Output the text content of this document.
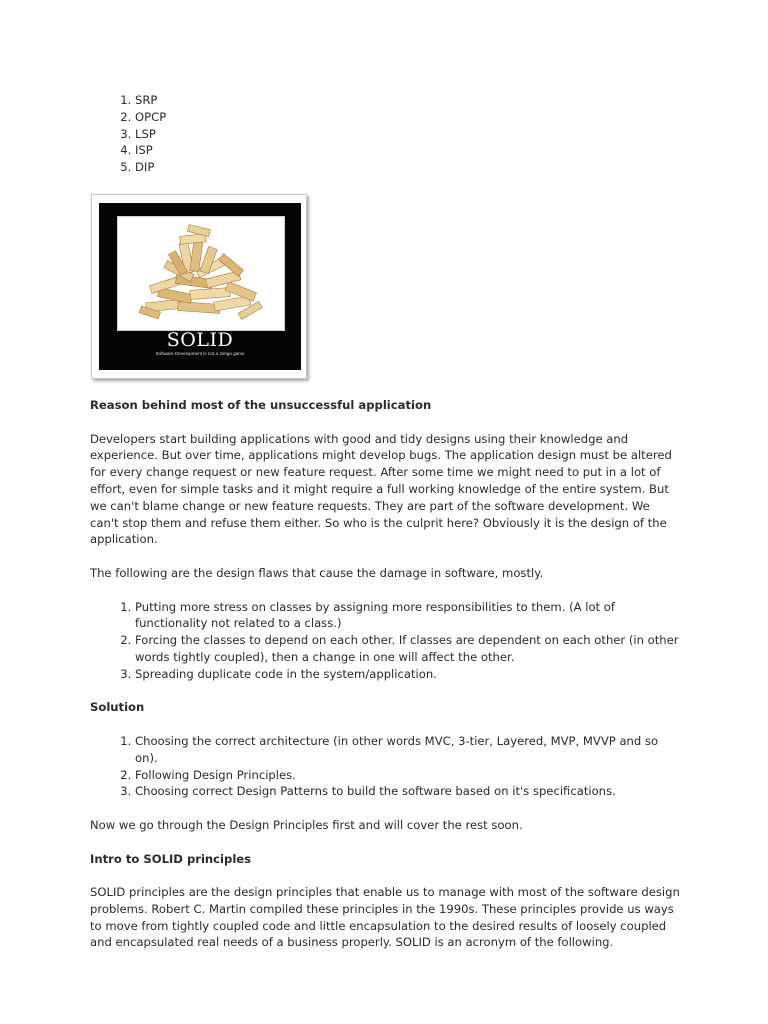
1. SRP
2. OPCP
3. LSP
4. ISP
5. DIP
SOLID
Software Development is not a Jenga game
Reason behind most of the unsuccessful application

Developers start building applications with good and tidy designs using their knowledge and experience. But over time, applications might develop bugs. The application design must be altered for every change request or new feature request. After some time we might need to put in a lot of effort, even for simple tasks and it might require a full working knowledge of the entire system. But we can't blame change or new feature requests. They are part of the software development. We can't stop them and refuse them either. So who is the culprit here? Obviously it is the design of the application.

The following are the design flaws that cause the damage in software, mostly.

1. Putting more stress on classes by assigning more responsibilities to them. (A lot of functionality not related to a class.)
2. Forcing the classes to depend on each other. If classes are dependent on each other (in other words tightly coupled), then a change in one will affect the other.
3. Spreading duplicate code in the system/application.
Solution
1. Choosing the correct architecture (in other words MVC, 3-tier, Layered, MVP, MVVP and so on).
2. Following Design Principles.
3. Choosing correct Design Patterns to build the software based on it's specifications.

Now we go through the Design Principles first and will cover the rest soon.

Intro to SOLID principles

SOLID principles are the design principles that enable us to manage with most of the software design problems. Robert C. Martin compiled these principles in the 1990s. These principles provide us ways to move from tightly coupled code and little encapsulation to the desired results of loosely coupled and encapsulated real needs of a business properly. SOLID is an acronym of the following.
